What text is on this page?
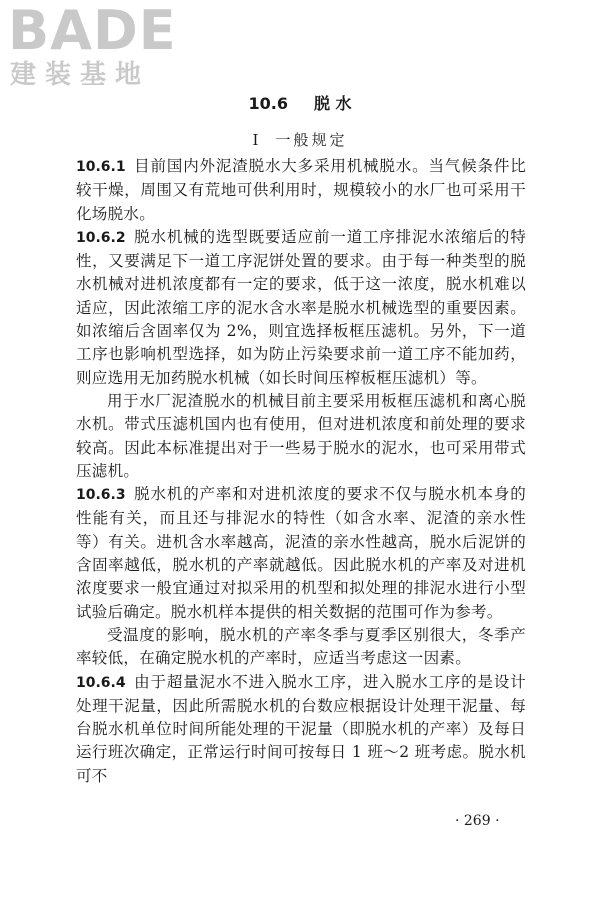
BADE
建装基地
10.6 脱 水
Ⅰ 一般规定

10.6.1 目前国内外泥渣脱水大多采用机械脱水。当气候条件比较干燥，周围又有荒地可供利用时，规模较小的水厂也可采用干化场脱水。

10.6.2 脱水机械的选型既要适应前一道工序排泥水浓缩后的特性，又要满足下一道工序泥饼处置的要求。由于每一种类型的脱水机械对进机浓度都有一定的要求，低于这一浓度，脱水机难以适应，因此浓缩工序的泥水含水率是脱水机械选型的重要因素。如浓缩后含固率仅为 2%，则宜选择板框压滤机。另外，下一道工序也影响机型选择，如为防止污染要求前一道工序不能加药，则应选用无加药脱水机械（如长时间压榨板框压滤机）等。

用于水厂泥渣脱水的机械目前主要采用板框压滤机和离心脱水机。带式压滤机国内也有使用，但对进机浓度和前处理的要求较高。因此本标准提出对于一些易于脱水的泥水，也可采用带式压滤机。

10.6.3 脱水机的产率和对进机浓度的要求不仅与脱水机本身的性能有关，而且还与排泥水的特性（如含水率、泥渣的亲水性等）有关。进机含水率越高，泥渣的亲水性越高，脱水后泥饼的含固率越低，脱水机的产率就越低。因此脱水机的产率及对进机浓度要求一般宜通过对拟采用的机型和拟处理的排泥水进行小型试验后确定。脱水机样本提供的相关数据的范围可作为参考。

受温度的影响，脱水机的产率冬季与夏季区别很大，冬季产率较低，在确定脱水机的产率时，应适当考虑这一因素。

10.6.4 由于超量泥水不进入脱水工序，进入脱水工序的是设计处理干泥量，因此所需脱水机的台数应根据设计处理干泥量、每台脱水机单位时间所能处理的干泥量（即脱水机的产率）及每日运行班次确定，正常运行时间可按每日 1 班～2 班考虑。脱水机可不

· 269 ·
